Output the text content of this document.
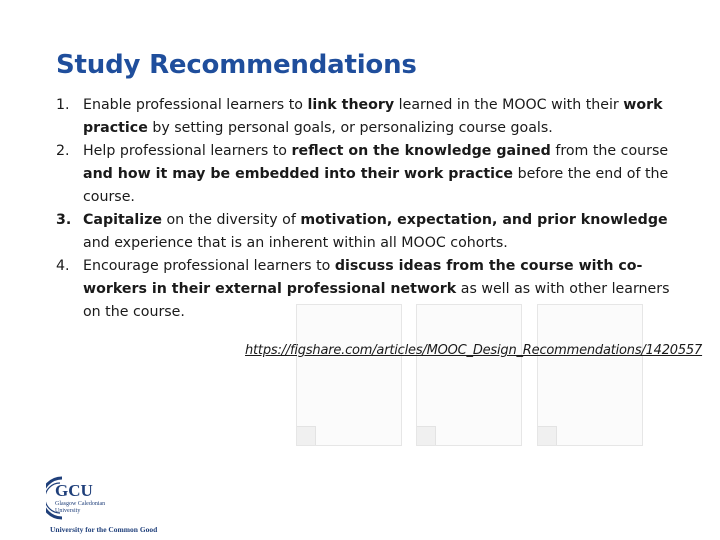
Study Recommendations
1. Enable professional learners to link theory learned in the MOOC with their work practice by setting personal goals, or personalizing course goals.
2. Help professional learners to reflect on the knowledge gained from the course and how it may be embedded into their work practice before the end of the course.
3. Capitalize on the diversity of motivation, expectation, and prior knowledge and experience that is an inherent within all MOOC cohorts.
4. Encourage professional learners to discuss ideas from the course with co-workers in their external professional network as well as with other learners on the course.
https://figshare.com/articles/MOOC_Design_Recommendations/1420557
GCU
Glasgow Caledonian
University
University for the Common Good
